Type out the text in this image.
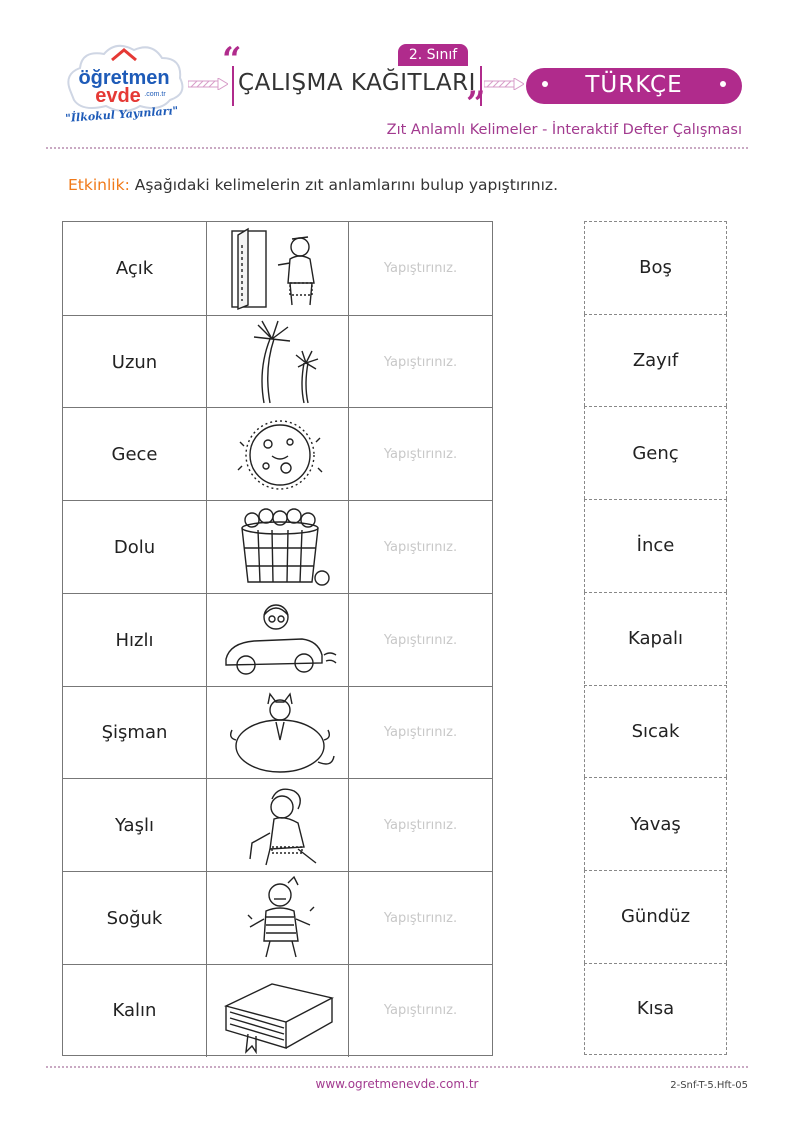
öğretmen
evde .com.tr
"İlkokul Yayınları"
2. Sınıf
“
ÇALIŞMA KAĞITLARI
”	TÜRKÇE
Zıt Anlamlı Kelimeler - İnteraktif Defter Çalışması
Etkinlik: Aşağıdaki kelimelerin zıt anlamlarını bulup yapıştırınız.
Açık	Yapıştırınız.
Uzun	Yapıştırınız.
Gece	Yapıştırınız.
Dolu	Yapıştırınız.
Hızlı	Yapıştırınız.
Şişman	Yapıştırınız.
Yaşlı	Yapıştırınız.
Soğuk	Yapıştırınız.
Kalın	Yapıştırınız.
Boş
Zayıf
Genç
İnce
Kapalı
Sıcak
Yavaş
Gündüz
Kısa
www.ogretmenevde.com.tr	2-Snf-T-5.Hft-05
